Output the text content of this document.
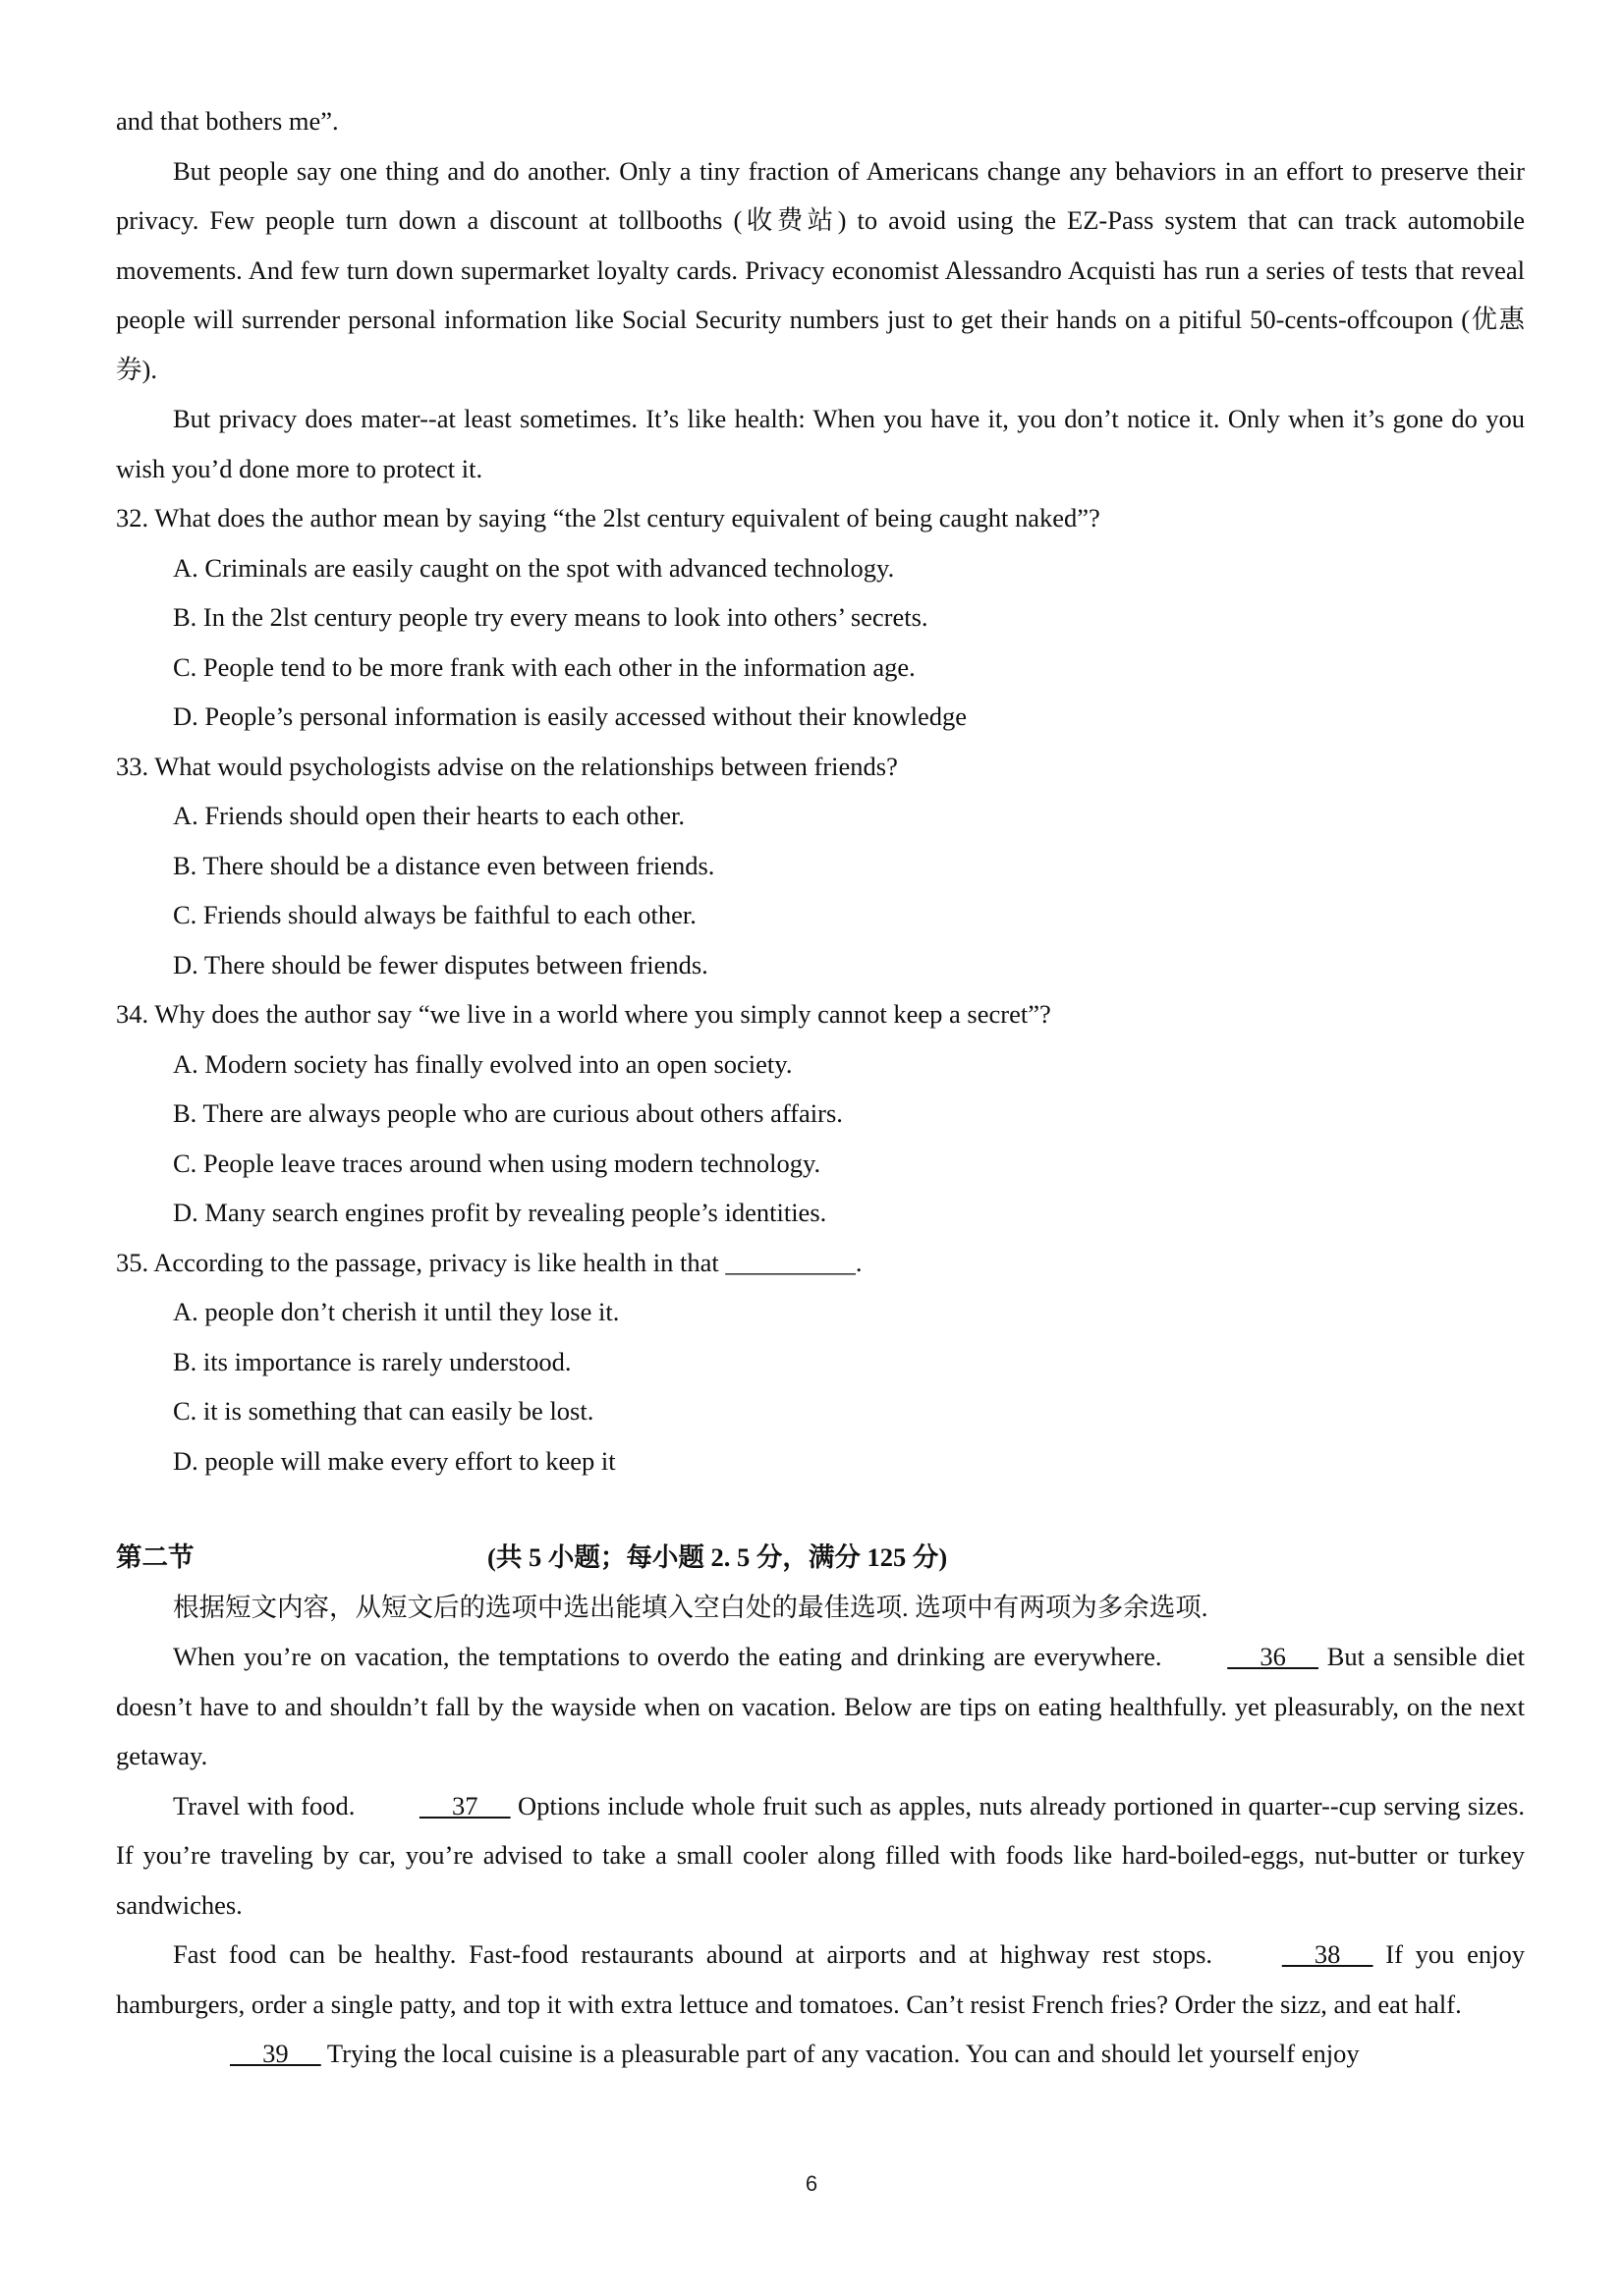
and that bothers me”.

But people say one thing and do another. Only a tiny fraction of Americans change any behaviors in an effort to preserve their privacy. Few people turn down a discount at tollbooths (收费站) to avoid using the EZ-Pass system that can track automobile movements. And few turn down supermarket loyalty cards. Privacy economist Alessandro Acquisti has run a series of tests that reveal people will surrender personal information like Social Security numbers just to get their hands on a pitiful 50-cents-offcoupon (优惠券).

But privacy does mater--at least sometimes. It’s like health: When you have it, you don’t notice it. Only when it’s gone do you wish you’d done more to protect it.

32. What does the author mean by saying “the 2lst century equivalent of being caught naked”?

A. Criminals are easily caught on the spot with advanced technology.

B. In the 2lst century people try every means to look into others’ secrets.

C. People tend to be more frank with each other in the information age.

D. People’s personal information is easily accessed without their knowledge

33. What would psychologists advise on the relationships between friends?

A. Friends should open their hearts to each other.

B. There should be a distance even between friends.

C. Friends should always be faithful to each other.

D. There should be fewer disputes between friends.

34. Why does the author say “we live in a world where you simply cannot keep a secret”?

A. Modern society has finally evolved into an open society.

B. There are always people who are curious about others affairs.

C. People leave traces around when using modern technology.

D. Many search engines profit by revealing people’s identities.

35. According to the passage, privacy is like health in that __________.

A. people don’t cherish it until they lose it.

B. its importance is rarely understood.

C. it is something that can easily be lost.

D. people will make every effort to keep it

第二节	(共 5 小题；每小题 2. 5 分，满分 125 分)

根据短文内容，从短文后的选项中选出能填入空白处的最佳选项. 选项中有两项为多余选项.

When you’re on vacation, the temptations to overdo the eating and drinking are everywhere.      36      But a sensible diet doesn’t have to and shouldn’t fall by the wayside when on vacation. Below are tips on eating healthfully. yet pleasurably, on the next getaway.

Travel with food.      37      Options include whole fruit such as apples, nuts already portioned in quarter--cup serving sizes. If you’re traveling by car, you’re advised to take a small cooler along filled with foods like hard-boiled-eggs, nut-butter or turkey sandwiches.

Fast food can be healthy. Fast-food restaurants abound at airports and at highway rest stops.      38      If you enjoy hamburgers, order a single patty, and top it with extra lettuce and tomatoes. Can’t resist French fries? Order the sizz, and eat half.

39      Trying the local cuisine is a pleasurable part of any vacation. You can and should let yourself enjoy

6
